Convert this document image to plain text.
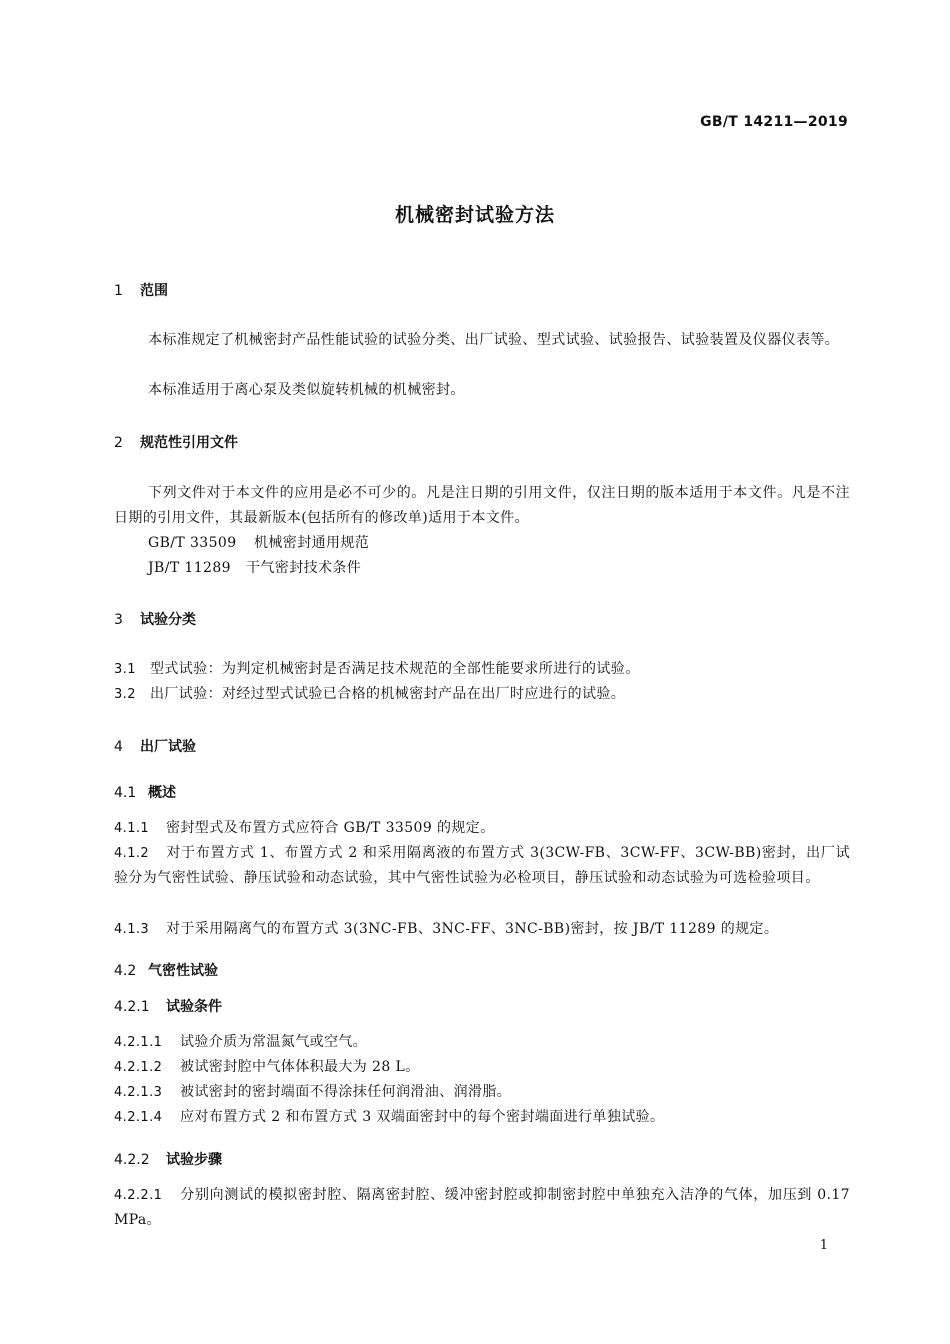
GB/T 14211—2019
机械密封试验方法
1 范围
本标准规定了机械密封产品性能试验的试验分类、出厂试验、型式试验、试验报告、试验装置及仪器仪表等。
本标准适用于离心泵及类似旋转机械的机械密封。
2 规范性引用文件
下列文件对于本文件的应用是必不可少的。凡是注日期的引用文件，仅注日期的版本适用于本文件。凡是不注日期的引用文件，其最新版本(包括所有的修改单)适用于本文件。
GB/T 33509 机械密封通用规范
JB/T 11289 干气密封技术条件
3 试验分类
3.1 型式试验：为判定机械密封是否满足技术规范的全部性能要求所进行的试验。
3.2 出厂试验：对经过型式试验已合格的机械密封产品在出厂时应进行的试验。
4 出厂试验
4.1 概述
4.1.1 密封型式及布置方式应符合 GB/T 33509 的规定。
4.1.2 对于布置方式 1、布置方式 2 和采用隔离液的布置方式 3(3CW-FB、3CW-FF、3CW-BB)密封，出厂试验分为气密性试验、静压试验和动态试验，其中气密性试验为必检项目，静压试验和动态试验为可选检验项目。
4.1.3 对于采用隔离气的布置方式 3(3NC-FB、3NC-FF、3NC-BB)密封，按 JB/T 11289 的规定。
4.2 气密性试验
4.2.1 试验条件
4.2.1.1 试验介质为常温氮气或空气。
4.2.1.2 被试密封腔中气体体积最大为 28 L。
4.2.1.3 被试密封的密封端面不得涂抹任何润滑油、润滑脂。
4.2.1.4 应对布置方式 2 和布置方式 3 双端面密封中的每个密封端面进行单独试验。
4.2.2 试验步骤
4.2.2.1 分别向测试的模拟密封腔、隔离密封腔、缓冲密封腔或抑制密封腔中单独充入洁净的气体，加压到 0.17 MPa。
1
